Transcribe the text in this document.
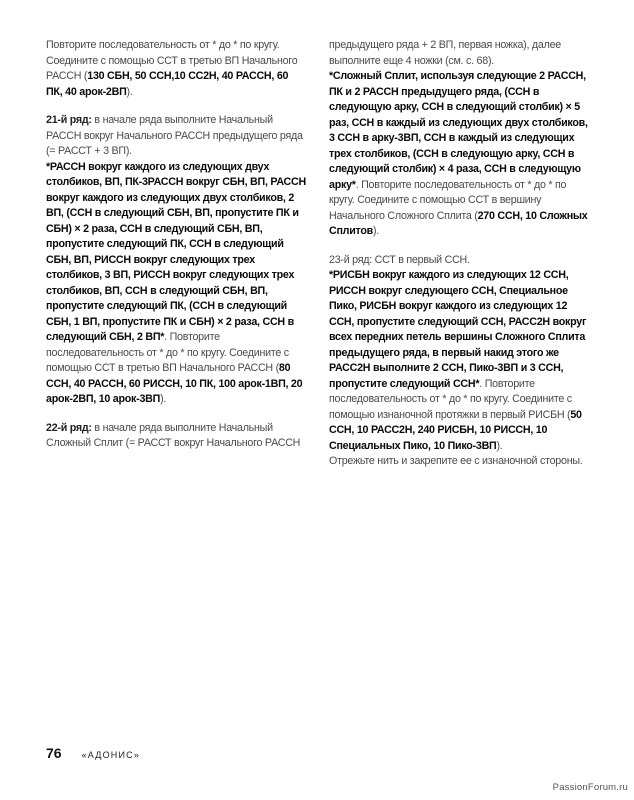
Повторите последовательность от * до * по кругу. Соедините с помощью ССТ в третью ВП Начального РАССН (130 СБН, 50 ССН,10 СС2Н, 40 РАССН, 60 ПК, 40 арок-2ВП).

21-й ряд: в начале ряда выполните Начальный РАССН вокруг Начального РАССН предыдущего ряда (= РАССТ + 3 ВП).
*РАССН вокруг каждого из следующих двух столбиков, ВП, ПК-3РАССН вокруг СБН, ВП, РАССН вокруг каждого из следующих двух столбиков, 2 ВП, (ССН в следующий СБН, ВП, пропустите ПК и СБН) × 2 раза, ССН в следующий СБН, ВП, пропустите следующий ПК, ССН в следующий СБН, ВП, РИССН вокруг следующих трех столбиков, 3 ВП, РИССН вокруг следующих трех столбиков, ВП, ССН в следующий СБН, ВП, пропустите следующий ПК, (ССН в следующий СБН, 1 ВП, пропустите ПК и СБН) × 2 раза, ССН в следующий СБН, 2 ВП*. Повторите последовательность от * до * по кругу. Соедините с помощью ССТ в третью ВП Начального РАССН (80 ССН, 40 РАССН, 60 РИССН, 10 ПК, 100 арок-1ВП, 20 арок-2ВП, 10 арок-3ВП).

22-й ряд: в начале ряда выполните Начальный Сложный Сплит (= РАССТ вокруг Начального РАССН

предыдущего ряда + 2 ВП, первая ножка), далее выполните еще 4 ножки (см. с. 68).
*Сложный Сплит, используя следующие 2 РАССН, ПК и 2 РАССН предыдущего ряда, (ССН в следующую арку, ССН в следующий столбик) × 5 раз, ССН в каждый из следующих двух столбиков, 3 ССН в арку-3ВП, ССН в каждый из следующих трех столбиков, (ССН в следующую арку, ССН в следующий столбик) × 4 раза, ССН в следующую арку*. Повторите последовательность от * до * по кругу. Соедините с помощью ССТ в вершину Начального Сложного Сплита (270 ССН, 10 Сложных Сплитов).

23-й ряд: ССТ в первый ССН.
*РИСБН вокруг каждого из следующих 12 ССН, РИССН вокруг следующего ССН, Специальное Пико, РИСБН вокруг каждого из следующих 12 ССН, пропустите следующий ССН, РАСС2Н вокруг всех передних петель вершины Сложного Сплита предыдущего ряда, в первый накид этого же РАСС2Н выполните 2 ССН, Пико-3ВП и 3 ССН, пропустите следующий ССН*. Повторите последовательность от * до * по кругу. Соедините с помощью изнаночной протяжки в первый РИСБН (50 ССН, 10 РАСС2Н, 240 РИСБН, 10 РИССН, 10 Специальных Пико, 10 Пико-3ВП).
Отрежьте нить и закрепите ее с изнаночной стороны.

76 «АДОНИС»
PassionForum.ru
